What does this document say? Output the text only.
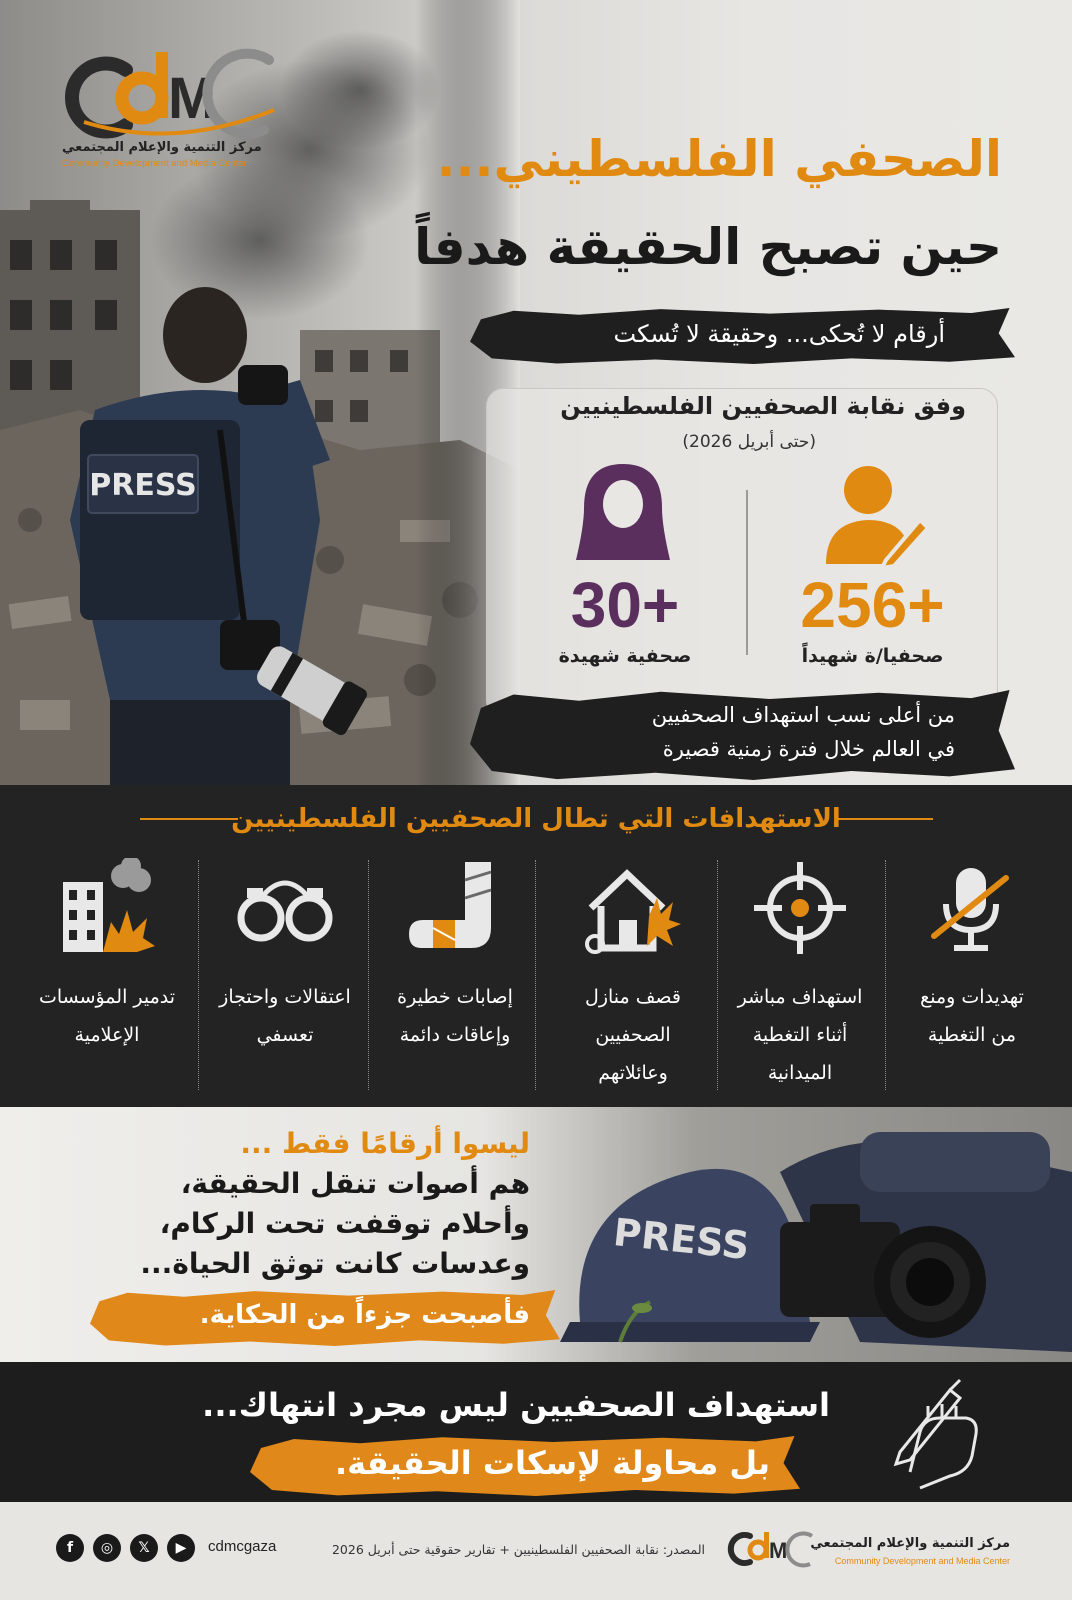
M
مركز التنمية والإعلام المجتمعي
Community Development and Media Center	الصحفي الفلسطيني...
حين تصبح الحقيقة هدفاً
أرقام لا تُحكى... وحقيقة لا تُسكت
وفق نقابة الصحفيين الفلسطينيين
(حتى أبريل 2026)
256+
صحفيا/ة شهيداً
30+
صحفية شهيدة
من أعلى نسب استهداف الصحفيين
في العالم خلال فترة زمنية قصيرة
الاستهدافات التي تطال الصحفيين الفلسطينيين
تهديدات ومنع
من التغطية
استهداف مباشر
أثناء التغطية
الميدانية
قصف منازل
الصحفيين
وعائلاتهم
إصابات خطيرة
وإعاقات دائمة
اعتقالات واحتجاز
تعسفي
تدمير المؤسسات
الإعلامية
PRESS
ليسوا أرقامًا فقط ...
هم أصوات تنقل الحقيقة،
وأحلام توقفت تحت الركام،
وعدسات كانت توثق الحياة...
فأصبحت جزءاً من الحكاية.
استهداف الصحفيين ليس مجرد انتهاك...
بل محاولة لإسكات الحقيقة.
M مركز التنمية والإعلام المجتمعي
Community Development and Media Center
المصدر: نقابة الصحفيين الفلسطينيين + تقارير حقوقية حتى أبريل 2026
f	◎	𝕏	▶	cdmcgaza
